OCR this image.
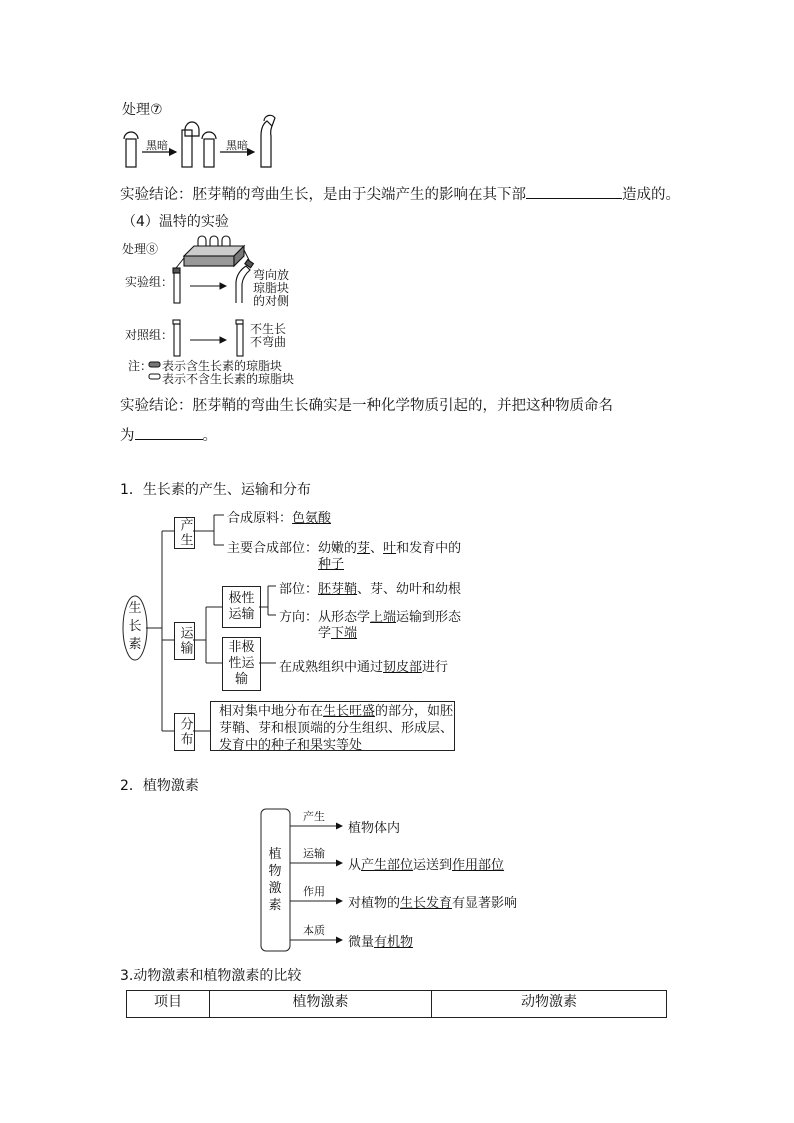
处理⑦
黑暗	黑暗
实验结论：胚芽鞘的弯曲生长，是由于尖端产生的影响在其下部	造成的。
（4）温特的实验
处理⑧
实验组：	弯向放
琼脂块
的对侧
对照组：	不生长
不弯曲
注： 表示含生长素的琼脂块
表示不含生长素的琼脂块
实验结论：胚芽鞘的弯曲生长确实是一种化学物质引起的，并把这种物质命名
为	。
1．生长素的产生、运输和分布
生长素
产生	合成原料：色氨酸
主要合成部位：幼嫩的芽、叶和发育中的
种子
运输
极性运输
部位：胚芽鞘、芽、幼叶和幼根
方向：从形态学上端运输到形态
学下端
非极性运输
在成熟组织中通过韧皮部进行
分布
相对集中地分布在生长旺盛的部分，如胚
芽鞘、芽和根顶端的分生组织、形成层、
发育中的种子和果实等处
2．植物激素
植物激素
产生
植物体内
运输
从产生部位运送到作用部位
作用
对植物的生长发育有显著影响
本质
微量有机物
3.动物激素和植物激素的比较
项目	植物激素	动物激素
